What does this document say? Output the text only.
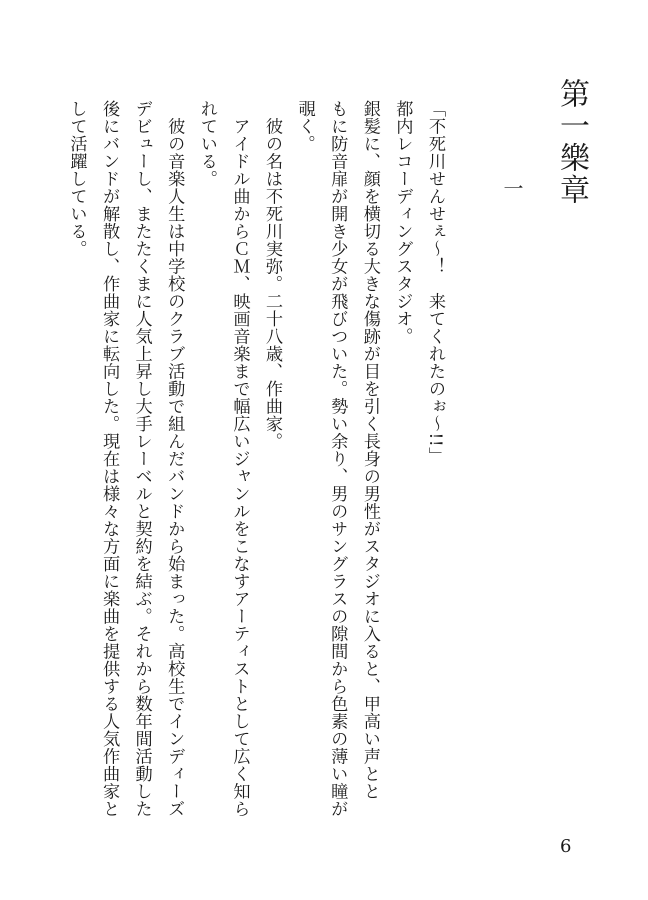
第一樂章
一
「不死川せんせぇ〜！　来てくれたのぉ〜!!」
都内レコーディングスタジオ。
銀髪に、顔を横切る大きな傷跡が目を引く長身の男性がスタジオに入ると、甲高い声とと
もに防音扉が開き少女が飛びついた。勢い余り、男のサングラスの隙間から色素の薄い瞳が
覗く。
　彼の名は不死川実弥。二十八歳、作曲家。
　アイドル曲からＣＭ、映画音楽まで幅広いジャンルをこなすアーティストとして広く知ら
れている。
　彼の音楽人生は中学校のクラブ活動で組んだバンドから始まった。高校生でインディーズ
デビューし、またたくまに人気上昇し大手レーベルと契約を結ぶ。それから数年間活動した
後にバンドが解散し、作曲家に転向した。現在は様々な方面に楽曲を提供する人気作曲家と
して活躍している。
6
